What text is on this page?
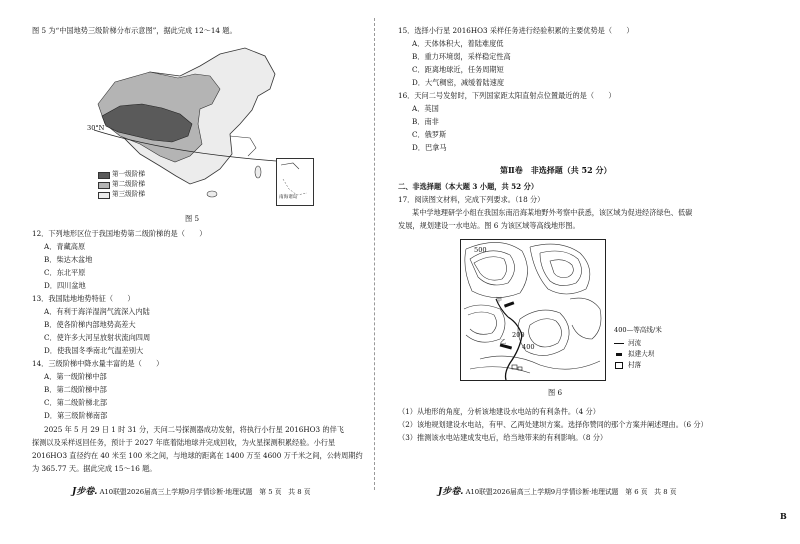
图 5 为“中国地势三级阶梯分布示意图”，据此完成 12～14 题。
30°N
南海诸岛
第一级阶梯
第二级阶梯
第三级阶梯
图 5
12．下列地形区位于我国地势第二级阶梯的是（　　）
A．青藏高原
B．柴达木盆地
C．东北平原
D．四川盆地
13．我国陆地地势特征（　　）
A．有利于海洋湿润气流深入内陆
B．使各阶梯内部地势高差大
C．使许多大河呈放射状流向四周
D．使我国冬季南北气温差别大
14．三级阶梯中降水量丰富的是（　　）
A．第一级阶梯中部
B．第二级阶梯中部
C．第二级阶梯北部
D．第三级阶梯南部
2025 年 5 月 29 日 1 时 31 分，天问二号探测器成功发射，将执行小行星 2016HO3 的伴飞
探测以及采样返回任务，预计于 2027 年底着陆地球并完成回收，为火星探测积累经验。小行星
2016HO3 直径约在 40 米至 100 米之间，与地球的距离在 1400 万至 4600 万千米之间，公转周期约
为 365.77 天。据此完成 15～16 题。
J步卷. A10联盟2026届高三上学期9月学情诊断·地理试题　第 5 页　共 8 页
15．选择小行星 2016HO3 采样任务进行经验积累的主要优势是（　　）
A．天体体积大，着陆难度低
B．重力环境弱，采样稳定性高
C．距离地球近，任务周期短
D．大气稠密，减缓着陆速度
16．天问二号发射时，下列国家距太阳直射点位置最近的是（　　）
A．英国
B．南非
C．俄罗斯
D．巴拿马
第Ⅱ卷　非选择题（共 52 分）
二、非选择题（本大题 3 小题，共 52 分）
17．阅读图文材料，完成下列要求。（18 分）
某中学地理研学小组在我国东南沿海某地野外考察中获悉，该区域为促进经济绿色、低碳
发展，规划建设一水电站。图 6 为该区域等高线地形图。
500
200
400
甲
乙
400—等高线/米
河流
拟建大坝
村落
图 6
（1）从地形的角度，分析该地建设水电站的有利条件。（4 分）
（2）该地规划建设水电站，有甲、乙两处建坝方案。选择你赞同的那个方案并阐述理由。（6 分）
（3）推测该水电站建成发电后，给当地带来的有利影响。（8 分）
J步卷. A10联盟2026届高三上学期9月学情诊断·地理试题　第 6 页　共 8 页
B
